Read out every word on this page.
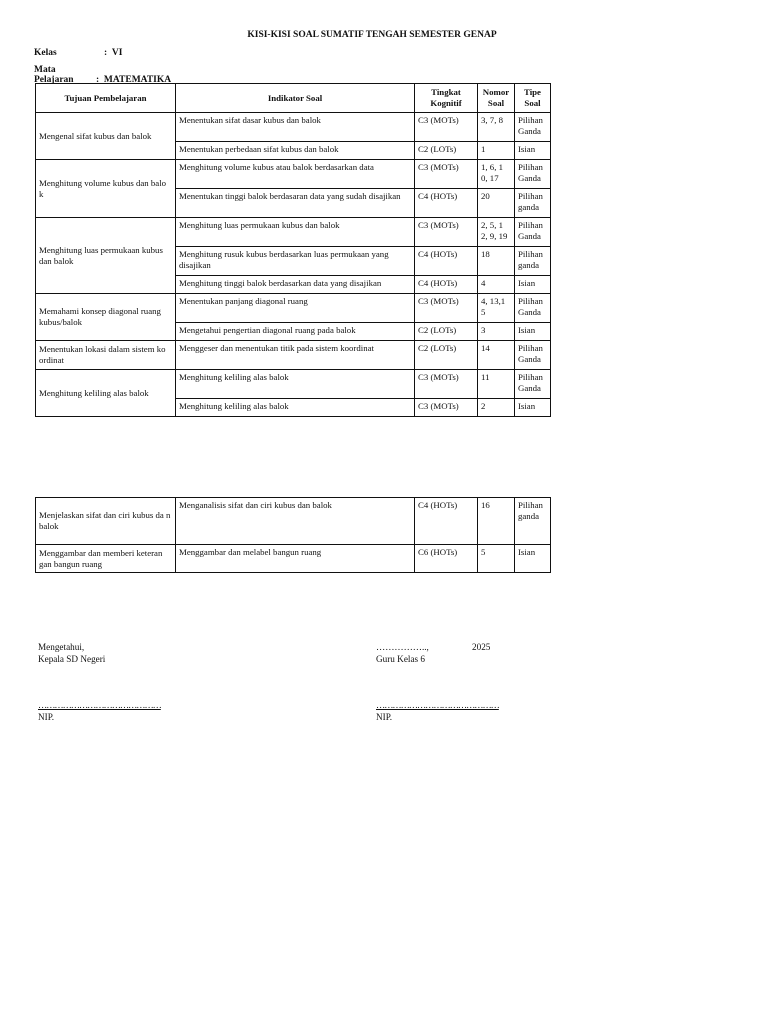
KISI-KISI SOAL SUMATIF TENGAH SEMESTER GENAP
Kelas	: VI
Mata Pelajaran : MATEMATIKA
Tujuan Pembelajaran	Indikator Soal	Tingkat Kognitif	Nomor Soal	Tipe Soal
Mengenal sifat kubus dan balok	Menentukan sifat dasar kubus dan balok	C3 (MOTs)	3, 7, 8	Pilihan Ganda
	Menentukan perbedaan sifat kubus dan balok	C2 (LOTs)	1	Isian
Menghitung volume kubus dan balo k	Menghitung volume kubus atau balok berdasarkan data	C3 (MOTs)	1, 6, 1 0, 17	Pilihan Ganda
	Menentukan tinggi balok berdasaran data yang sudah disajikan	C4 (HOTs)	20	Pilihan ganda
Menghitung luas permukaan kubus dan balok	Menghitung luas permukaan kubus dan balok	C3 (MOTs)	2, 5, 1 2, 9, 19	Pilihan Ganda
	Menghitung rusuk kubus berdasarkan luas permukaan yang disajikan	C4 (HOTs)	18	Pilihan ganda
	Menghitung tinggi balok berdasarkan data yang disajikan	C4 (HOTs)	4	Isian
Memahami konsep diagonal ruang kubus/balok	Menentukan panjang diagonal ruang	C3 (MOTs)	4, 13,1 5	Pilihan Ganda
	Mengetahui pengertian diagonal ruang pada balok	C2 (LOTs)	3	Isian
Menentukan lokasi dalam sistem ko ordinat	Menggeser dan menentukan titik pada sistem koordinat	C2 (LOTs)	14	Pilihan Ganda
Menghitung keliling alas balok	Menghitung keliling alas balok	C3 (MOTs)	11	Pilihan Ganda
	Menghitung keliling alas balok	C3 (MOTs)	2	Isian
Menjelaskan sifat dan ciri kubus da n balok	Menganalisis sifat dan ciri kubus dan balok	C4 (HOTs)	16	Pilihan ganda
Menggambar dan memberi keteran gan bangun ruang	Menggambar dan melabel bangun ruang	C6 (HOTs)	5	Isian
Mengetahui,
Kepala SD Negeri
………………………………………
NIP.
……………..,	2025
Guru Kelas 6
………………………………………
NIP.
